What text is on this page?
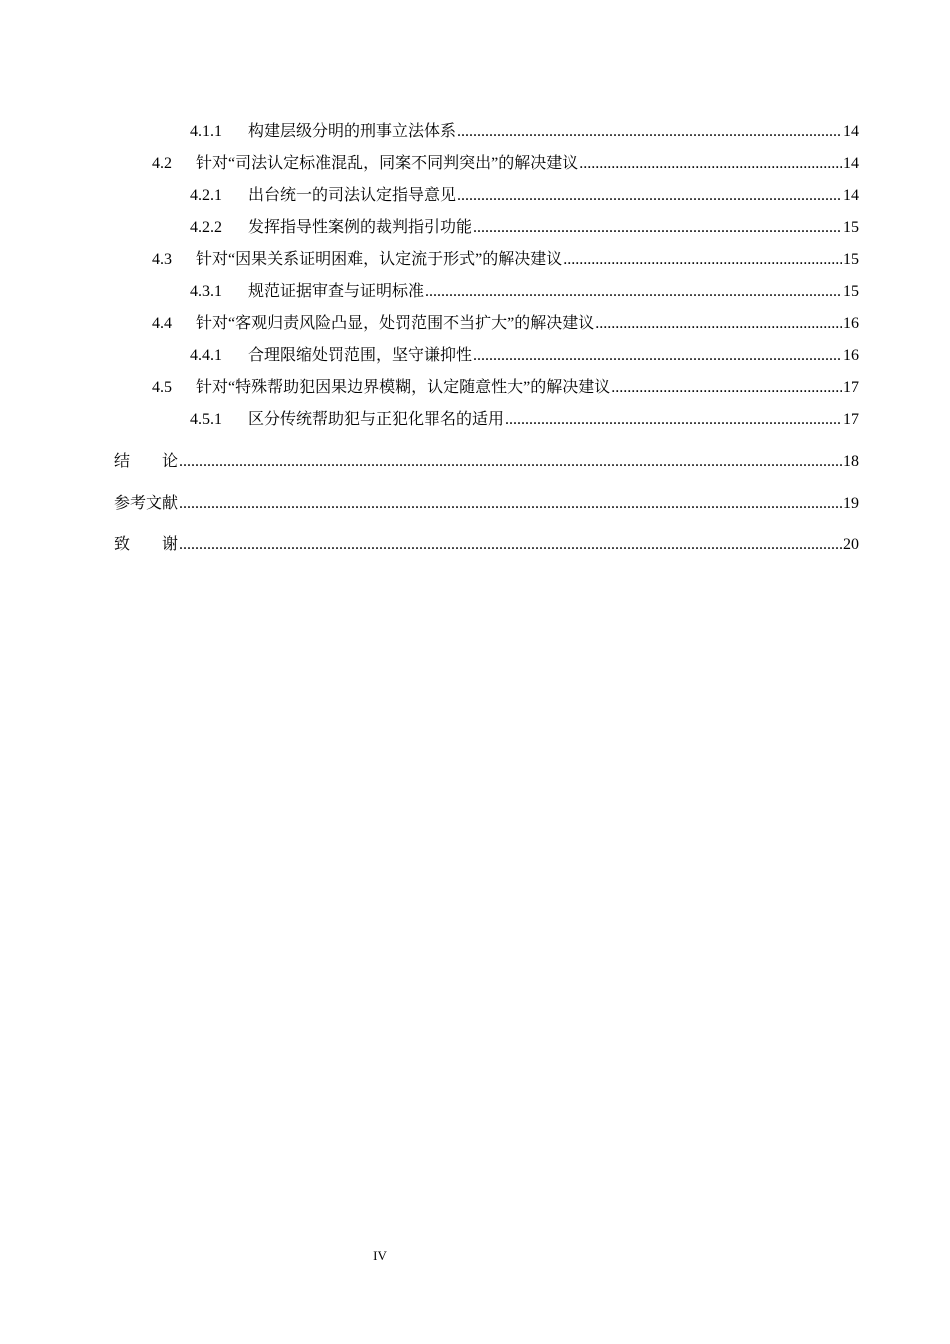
4.1.1	构建层级分明的刑事立法体系 .....	14
4.2	针对“司法认定标准混乱，同案不同判突出”的解决建议 .....	14
4.2.1	出台统一的司法认定指导意见 .....	14
4.2.2	发挥指导性案例的裁判指引功能 .....	15
4.3	针对“因果关系证明困难，认定流于形式”的解决建议 .....	15
4.3.1	规范证据审查与证明标准 .....	15
4.4	针对“客观归责风险凸显，处罚范围不当扩大”的解决建议 .....	16
4.4.1	合理限缩处罚范围，坚守谦抑性 .....	16
4.5	针对“特殊帮助犯因果边界模糊，认定随意性大”的解决建议 .....	17
4.5.1	区分传统帮助犯与正犯化罪名的适用 .....	17
结　　论 .....	18
参考文献 .....	19
致　　谢 .....	20
IV
